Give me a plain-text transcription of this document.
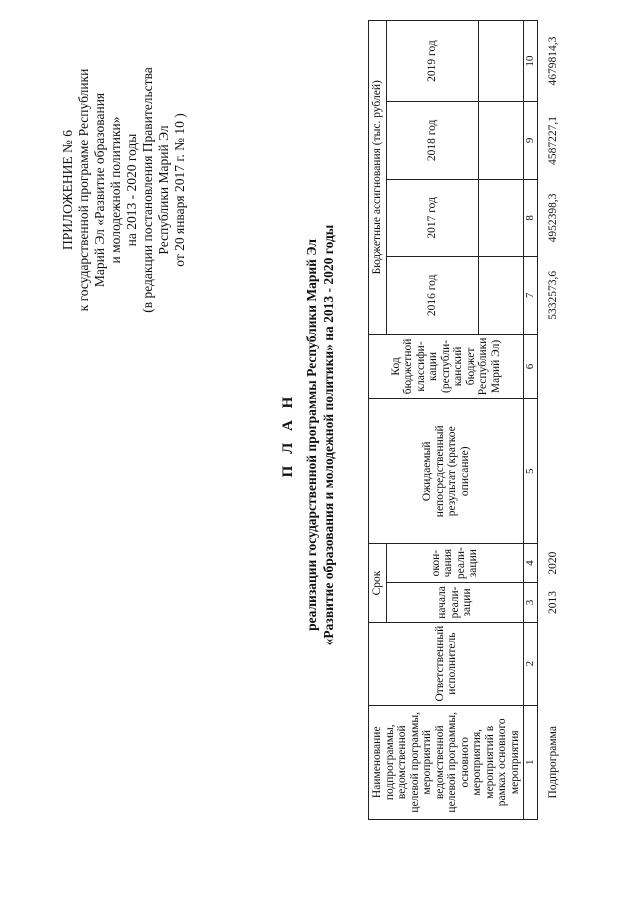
ПРИЛОЖЕНИЕ № 6 к государственной программе Республики Марий Эл «Развитие образования и молодежной политики» на 2013 - 2020 годы (в редакции постановления Правительства Республики Марий Эл от 20 января 2017 г. № 10 )
П Л А Н реализации государственной программы Республики Марий Эл «Развитие образования и молодежной политики» на 2013 - 2020 годы
Наименование подпрограммы, ведомственной целевой программы, мероприятий ведомственной целевой программы, основного мероприятия, мероприятий в рамках основного мероприятия	Ответственный исполнитель	Срок		Ожидаемый непосредственный результат (краткое описание)	Код бюджетной классифи-кации (республи-канский бюджет Республики Марий Эл)	Бюджетные ассигнования (тыс. рублей)			
		начала реали-зации	окон-чания реали-зации			2016 год	2017 год	2018 год	2019 год

1	2	3	4	5	6	7	8	9	10
Подпрограмма		2013	2020			5332573,6	4952398,3	4587227,1	4679814,3
